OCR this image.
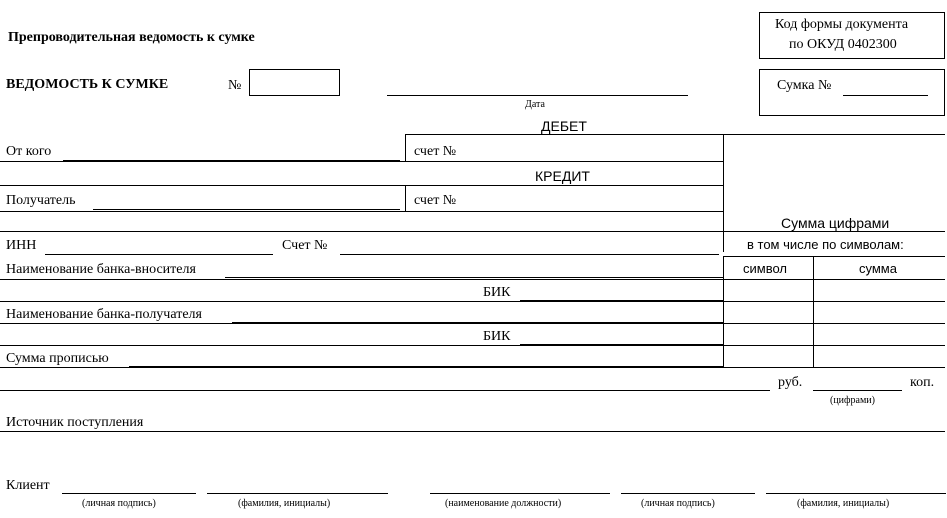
Препроводительная ведомость к сумке
Код формы документа
по ОКУД 0402300
ВЕДОМОСТЬ К СУМКЕ	№
Дата
Сумка №
ДЕБЕТ
От кого	счет №
КРЕДИТ
Получатель	счет №
Сумма цифрами
в том числе по символам:
символ	сумма
ИНН	Счет №
Наименование банка-вносителя
БИК
Наименование банка-получателя
БИК
Сумма прописью
руб.	коп.
(цифрами)
Источник поступления
Клиент
(личная подпись)	(фамилия, инициалы)	(наименование должности)	(личная подпись)	(фамилия, инициалы)
